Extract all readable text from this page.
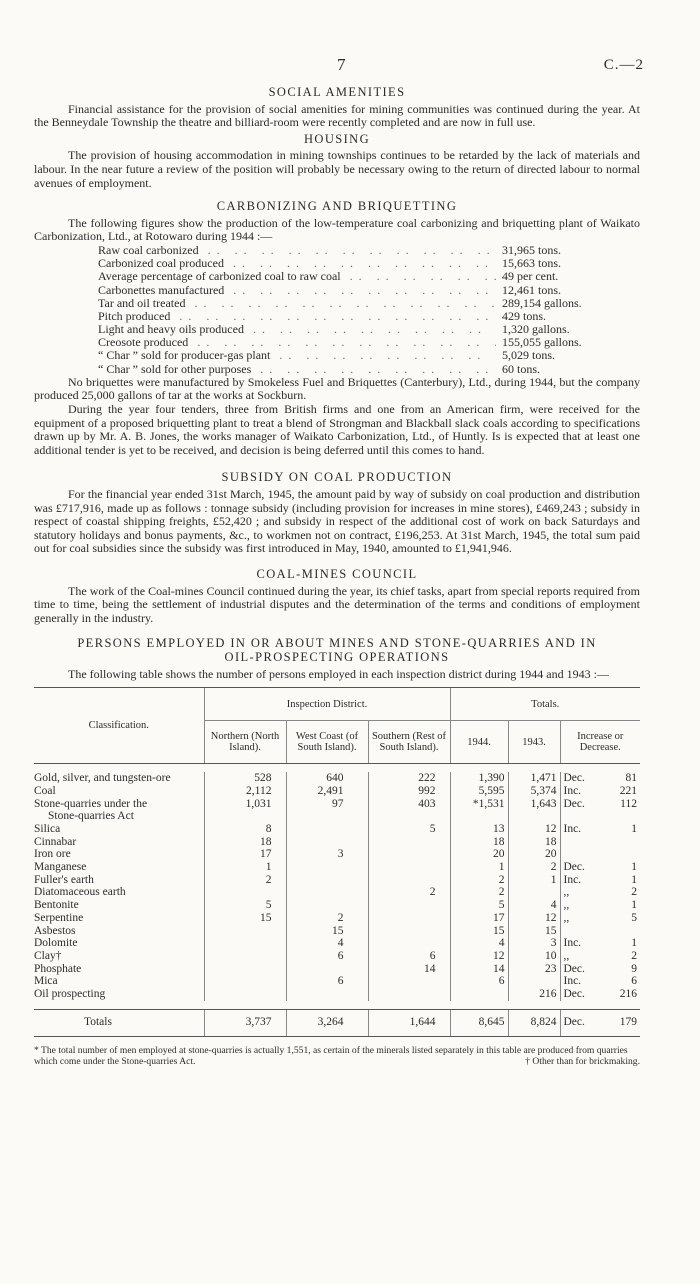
7	C.—2
SOCIAL AMENITIES

Financial assistance for the provision of social amenities for mining communities was continued during the year. At the Benneydale Township the theatre and billiard-room were recently completed and are now in full use.

HOUSING

The provision of housing accommodation in mining townships continues to be retarded by the lack of materials and labour. In the near future a review of the position will probably be necessary owing to the return of directed labour to normal avenues of employment.

CARBONIZING AND BRIQUETTING

The following figures show the production of the low-temperature coal carbonizing and briquetting plant of Waikato Carbonization, Ltd., at Rotowaro during 1944 :—

Raw coal carbonized .. ..	31,965 tons.
Carbonized coal produced .. ..	15,663 tons.
Average percentage of carbonized coal to raw coal .. ..	49 per cent.
Carbonettes manufactured .. ..	12,461 tons.
Tar and oil treated .. ..	289,154 gallons.
Pitch produced .. ..	429 tons.
Light and heavy oils produced .. ..	1,320 gallons.
Creosote produced .. ..	155,055 gallons.
“ Char ” sold for producer-gas plant .. ..	5,029 tons.
“ Char ” sold for other purposes .. ..	60 tons.

No briquettes were manufactured by Smokeless Fuel and Briquettes (Canterbury), Ltd., during 1944, but the company produced 25,000 gallons of tar at the works at Sockburn.

During the year four tenders, three from British firms and one from an American firm, were received for the equipment of a proposed briquetting plant to treat a blend of Strongman and Blackball slack coals according to specifications drawn up by Mr. A. B. Jones, the works manager of Waikato Carbonization, Ltd., of Huntly. Is is expected that at least one additional tender is yet to be received, and decision is being deferred until this comes to hand.

SUBSIDY ON COAL PRODUCTION

For the financial year ended 31st March, 1945, the amount paid by way of subsidy on coal production and distribution was £717,916, made up as follows : tonnage subsidy (including provision for increases in mine stores), £469,243 ; subsidy in respect of coastal shipping freights, £52,420 ; and subsidy in respect of the additional cost of work on back Saturdays and statutory holidays and bonus payments, &c., to workmen not on contract, £196,253. At 31st March, 1945, the total sum paid out for coal subsidies since the subsidy was first introduced in May, 1940, amounted to £1,941,946.

COAL-MINES COUNCIL

The work of the Coal-mines Council continued during the year, its chief tasks, apart from special reports required from time to time, being the settlement of industrial disputes and the determination of the terms and conditions of employment generally in the industry.

PERSONS EMPLOYED IN OR ABOUT MINES AND STONE-QUARRIES AND IN
OIL-PROSPECTING OPERATIONS

The following table shows the number of persons employed in each inspection district during 1944 and 1943 :—

Classification.	Inspection District.			Totals.		
	Northern (North Island).	West Coast (of South Island).	Southern (Rest of South Island).	1944.	1943.	Increase or Decrease.

Gold, silver, and tungsten-ore	528	640	222	1,390	1,471	Dec. 81

Coal	2,112	2,491	992	5,595	5,374	Inc. 221

Stone-quarries under the	1,031	97	403	*1,531	1,643	Dec. 112

Stone-quarries Act						

Silica	8		5	13	12	Inc. 1

Cinnabar	18			18	18	

Iron ore	17	3		20	20	

Manganese	1			1	2	Dec. 1

Fuller's earth	2			2	1	Inc. 1

Diatomaceous earth			2	2		,, 2

Bentonite	5			5	4	,, 1

Serpentine	15	2		17	12	,, 5

Asbestos		15		15	15	

Dolomite		4		4	3	Inc. 1

Clay†		6	6	12	10	,, 2

Phosphate			14	14	23	Dec. 9

Mica		6		6		Inc. 6

Oil prospecting					216	Dec. 216

Totals	3,737	3,264	1,644	8,645	8,824	Dec. 179
* The total number of men employed at stone-quarries is actually 1,551, as certain of the minerals listed separately in this table are produced from quarries which come under the Stone-quarries Act.	† Other than for brickmaking.
